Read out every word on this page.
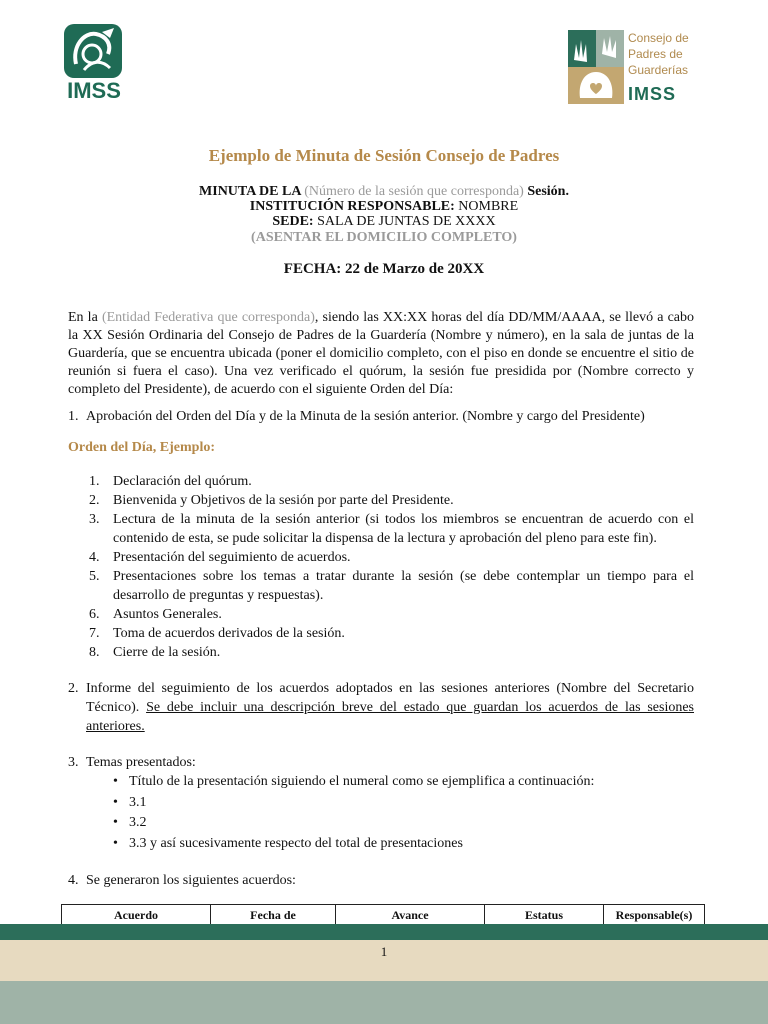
IMSS
Consejo de
Padres de
Guarderías
IMSS
Ejemplo de Minuta de Sesión Consejo de Padres
MINUTA DE LA (Número de la sesión que corresponda) Sesión.
INSTITUCIÓN RESPONSABLE: NOMBRE
SEDE: SALA DE JUNTAS DE XXXX
(ASENTAR EL DOMICILIO COMPLETO)
FECHA: 22 de Marzo de 20XX
En la (Entidad Federativa que corresponda), siendo las XX:XX horas del día DD/MM/AAAA, se llevó a cabo la XX Sesión Ordinaria del Consejo de Padres de la Guardería (Nombre y número), en la sala de juntas de la Guardería, que se encuentra ubicada (poner el domicilio completo, con el piso en donde se encuentre el sitio de reunión si fuera el caso). Una vez verificado el quórum, la sesión fue presidida por (Nombre correcto y completo del Presidente), de acuerdo con el siguiente Orden del Día:
1. Aprobación del Orden del Día y de la Minuta de la sesión anterior. (Nombre y cargo del Presidente)
Orden del Día, Ejemplo:
1. Declaración del quórum.
2. Bienvenida y Objetivos de la sesión por parte del Presidente.
3. Lectura de la minuta de la sesión anterior (si todos los miembros se encuentran de acuerdo con el contenido de esta, se pude solicitar la dispensa de la lectura y aprobación del pleno para este fin).
4. Presentación del seguimiento de acuerdos.
5. Presentaciones sobre los temas a tratar durante la sesión (se debe contemplar un tiempo para el desarrollo de preguntas y respuestas).
6. Asuntos Generales.
7. Toma de acuerdos derivados de la sesión.
8. Cierre de la sesión.
2. Informe del seguimiento de los acuerdos adoptados en las sesiones anteriores (Nombre del Secretario Técnico). Se debe incluir una descripción breve del estado que guardan los acuerdos de las sesiones anteriores.
3. Temas presentados:
• Título de la presentación siguiendo el numeral como se ejemplifica a continuación:
• 3.1
• 3.2
• 3.3 y así sucesivamente respecto del total de presentaciones
4. Se generaron los siguientes acuerdos:
Acuerdo	Fecha de	Avance	Estatus	Responsable(s)
1
